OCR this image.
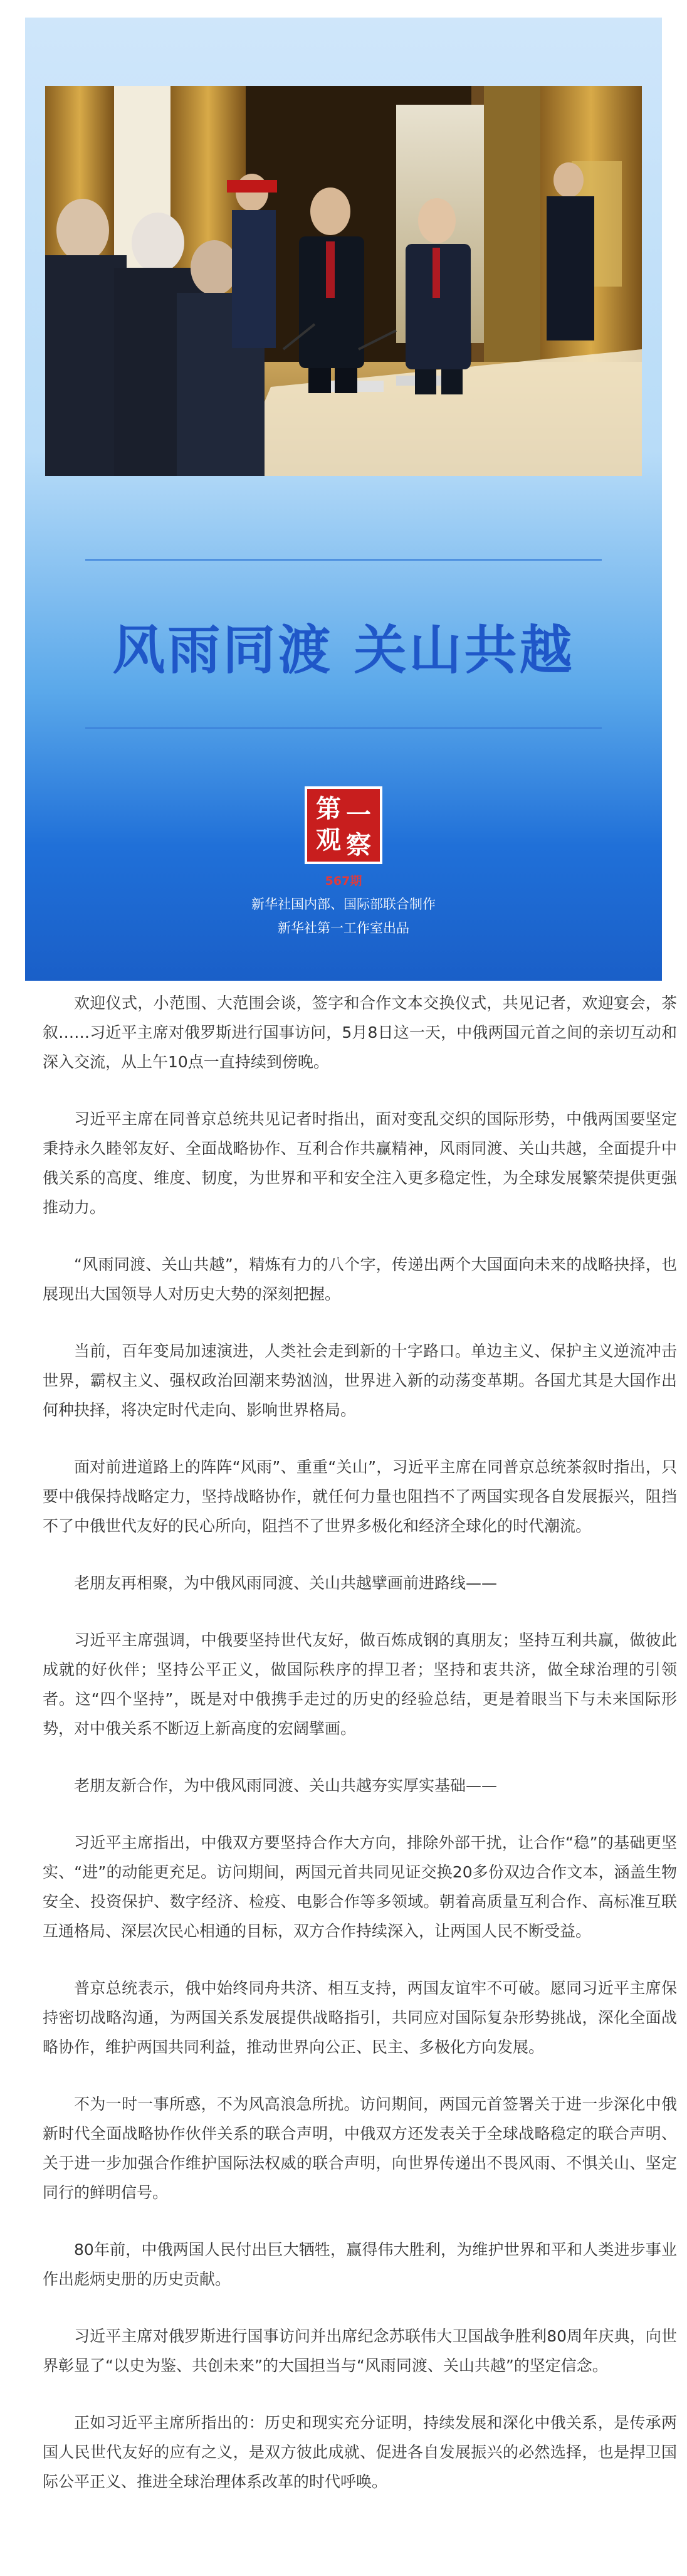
风雨同渡 关山共越
第 一
观 察
567期
新华社国内部、国际部联合制作
新华社第一工作室出品

欢迎仪式，小范围、大范围会谈，签字和合作文本交换仪式，共见记者，欢迎宴会，茶叙……习近平主席对俄罗斯进行国事访问，5月8日这一天，中俄两国元首之间的亲切互动和深入交流，从上午10点一直持续到傍晚。

习近平主席在同普京总统共见记者时指出，面对变乱交织的国际形势，中俄两国要坚定秉持永久睦邻友好、全面战略协作、互利合作共赢精神，风雨同渡、关山共越，全面提升中俄关系的高度、维度、韧度，为世界和平和安全注入更多稳定性，为全球发展繁荣提供更强推动力。

“风雨同渡、关山共越”，精炼有力的八个字，传递出两个大国面向未来的战略抉择，也展现出大国领导人对历史大势的深刻把握。

当前，百年变局加速演进，人类社会走到新的十字路口。单边主义、保护主义逆流冲击世界，霸权主义、强权政治回潮来势汹汹，世界进入新的动荡变革期。各国尤其是大国作出何种抉择，将决定时代走向、影响世界格局。

面对前进道路上的阵阵“风雨”、重重“关山”，习近平主席在同普京总统茶叙时指出，只要中俄保持战略定力，坚持战略协作，就任何力量也阻挡不了两国实现各自发展振兴，阻挡不了中俄世代友好的民心所向，阻挡不了世界多极化和经济全球化的时代潮流。

老朋友再相聚，为中俄风雨同渡、关山共越擘画前进路线——

习近平主席强调，中俄要坚持世代友好，做百炼成钢的真朋友；坚持互利共赢，做彼此成就的好伙伴；坚持公平正义，做国际秩序的捍卫者；坚持和衷共济，做全球治理的引领者。这“四个坚持”，既是对中俄携手走过的历史的经验总结，更是着眼当下与未来国际形势，对中俄关系不断迈上新高度的宏阔擘画。

老朋友新合作，为中俄风雨同渡、关山共越夯实厚实基础——

习近平主席指出，中俄双方要坚持合作大方向，排除外部干扰，让合作“稳”的基础更坚实、“进”的动能更充足。访问期间，两国元首共同见证交换20多份双边合作文本，涵盖生物安全、投资保护、数字经济、检疫、电影合作等多领域。朝着高质量互利合作、高标准互联互通格局、深层次民心相通的目标，双方合作持续深入，让两国人民不断受益。

普京总统表示，俄中始终同舟共济、相互支持，两国友谊牢不可破。愿同习近平主席保持密切战略沟通，为两国关系发展提供战略指引，共同应对国际复杂形势挑战，深化全面战略协作，维护两国共同利益，推动世界向公正、民主、多极化方向发展。

不为一时一事所惑，不为风高浪急所扰。访问期间，两国元首签署关于进一步深化中俄新时代全面战略协作伙伴关系的联合声明，中俄双方还发表关于全球战略稳定的联合声明、关于进一步加强合作维护国际法权威的联合声明，向世界传递出不畏风雨、不惧关山、坚定同行的鲜明信号。

80年前，中俄两国人民付出巨大牺牲，赢得伟大胜利，为维护世界和平和人类进步事业作出彪炳史册的历史贡献。

习近平主席对俄罗斯进行国事访问并出席纪念苏联伟大卫国战争胜利80周年庆典，向世界彰显了“以史为鉴、共创未来”的大国担当与“风雨同渡、关山共越”的坚定信念。

正如习近平主席所指出的：历史和现实充分证明，持续发展和深化中俄关系，是传承两国人民世代友好的应有之义，是双方彼此成就、促进各自发展振兴的必然选择，也是捍卫国际公平正义、推进全球治理体系改革的时代呼唤。
